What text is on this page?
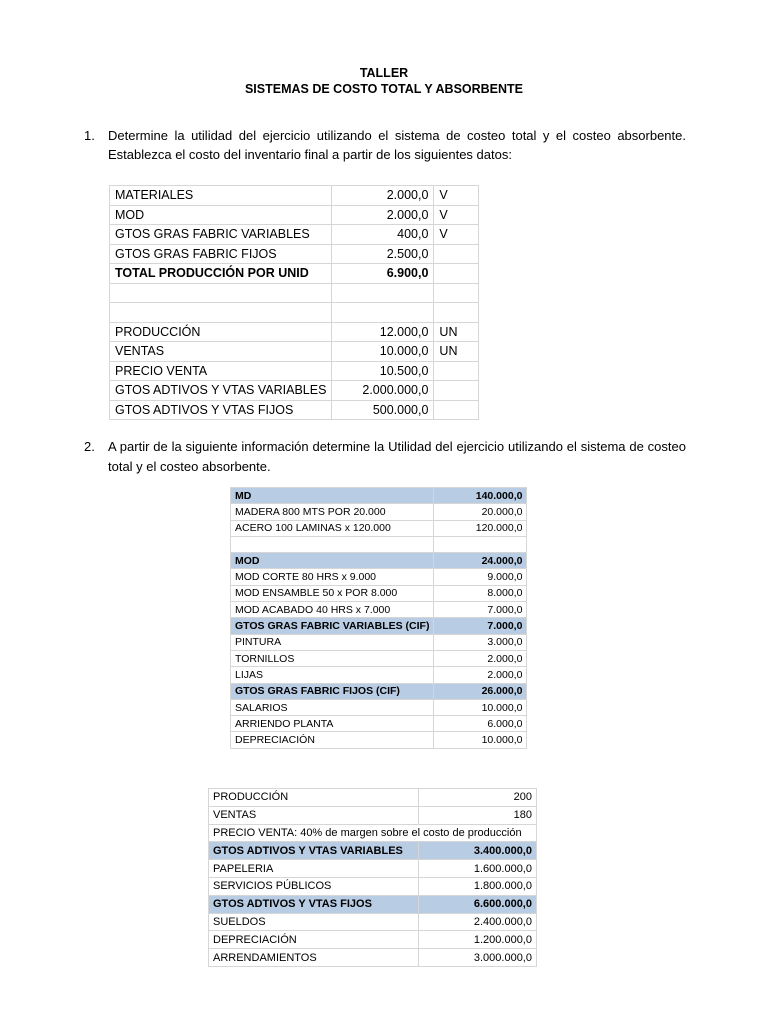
TALLER
SISTEMAS DE COSTO TOTAL Y ABSORBENTE
1. Determine la utilidad del ejercicio utilizando el sistema de costeo total y el costeo absorbente.
Establezca el costo del inventario final a partir de los siguientes datos:
MATERIALES	2.000,0	V
MOD	2.000,0	V
GTOS GRAS FABRIC VARIABLES	400,0	V
GTOS GRAS FABRIC FIJOS	2.500,0	
TOTAL PRODUCCIÓN POR UNID	6.900,0	

PRODUCCIÓN	12.000,0	UN
VENTAS	10.000,0	UN
PRECIO VENTA	10.500,0	
GTOS ADTIVOS Y VTAS VARIABLES	2.000.000,0	
GTOS ADTIVOS Y VTAS FIJOS	500.000,0	
2. A partir de la siguiente información determine la Utilidad del ejercicio utilizando el sistema de costeo
total y el costeo absorbente.
MD	140.000,0
MADERA 800 MTS POR 20.000	20.000,0
ACERO 100 LAMINAS x 120.000	120.000,0

MOD	24.000,0
MOD CORTE 80 HRS x 9.000	9.000,0
MOD ENSAMBLE 50 x POR 8.000	8.000,0
MOD ACABADO 40 HRS x 7.000	7.000,0
GTOS GRAS FABRIC VARIABLES (CIF)	7.000,0
PINTURA	3.000,0
TORNILLOS	2.000,0
LIJAS	2.000,0
GTOS GRAS FABRIC FIJOS (CIF)	26.000,0
SALARIOS	10.000,0
ARRIENDO PLANTA	6.000,0
DEPRECIACIÓN	10.000,0
PRODUCCIÓN	200
VENTAS	180
PRECIO VENTA: 40% de margen sobre el costo de producción	
GTOS ADTIVOS Y VTAS VARIABLES	3.400.000,0
PAPELERIA	1.600.000,0
SERVICIOS PÚBLICOS	1.800.000,0
GTOS ADTIVOS Y VTAS FIJOS	6.600.000,0
SUELDOS	2.400.000,0
DEPRECIACIÓN	1.200.000,0
ARRENDAMIENTOS	3.000.000,0
